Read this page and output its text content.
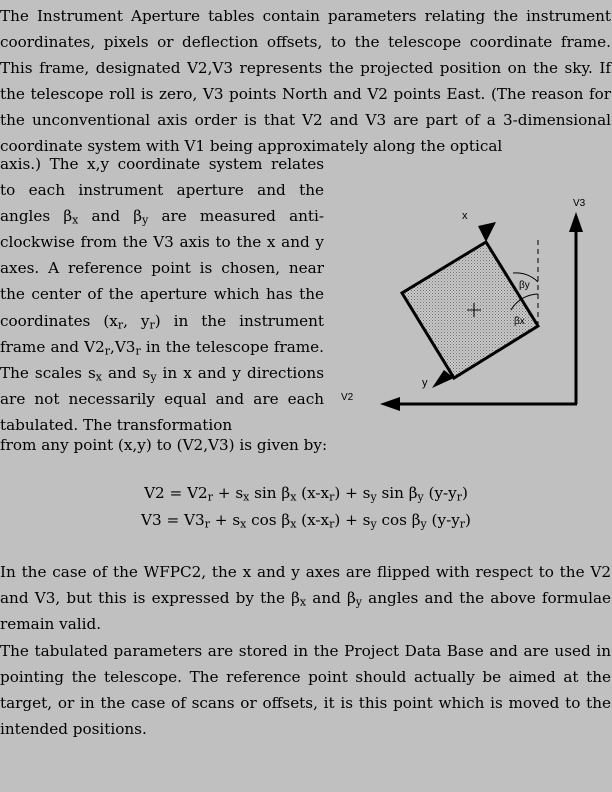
The Instrument Aperture tables contain parameters relating the instrument coordinates, pixels or deflection offsets, to the telescope coordinate frame. This frame, designated V2,V3 represents the projected position on the sky. If the telescope roll is zero, V3 points North and V2 points East. (The reason for the unconventional axis order is that V2 and V3 are part of a 3-dimensional coordinate system with V1 being approximately along the optical

axis.) The x,y coordinate system relates to each instrument aperture and the angles $\beta_x$ and $\beta_y$ are measured anti-clockwise from the V3 axis to the x and y axes. A reference point is chosen, near the center of the aperture which has the coordinates ($x_r$, $y_r$) in the instrument frame and $V2_r,V3_r$ in the telescope frame. The scales $s_x$ and $s_y$ in x and y directions are not necessarily equal and are each tabulated. The transformation

from any point (x,y) to (V2,V3) is given by:

$V2 = V2_r + s_x$ $\sin \beta_x$ $(x-x_r) + s_y$ $\sin \beta_y$ $(y-y_r)$
$V3 = V3_r + s_x$ $\cos \beta_x$ $(x-x_r) + s_y$ $\cos \beta_y$ $(y-y_r)$

In the case of the WFPC2, the x and y axes are flipped with respect to the V2 and V3, but this is expressed by the $\beta_x$ and $\beta_y$ angles and the above formulae remain valid.

The tabulated parameters are stored in the Project Data Base and are used in pointing the telescope. The reference point should actually be aimed at the target, or in the case of scans or offsets, it is this point which is moved to the intended positions.

V3
V2
x
y
βy
βx
